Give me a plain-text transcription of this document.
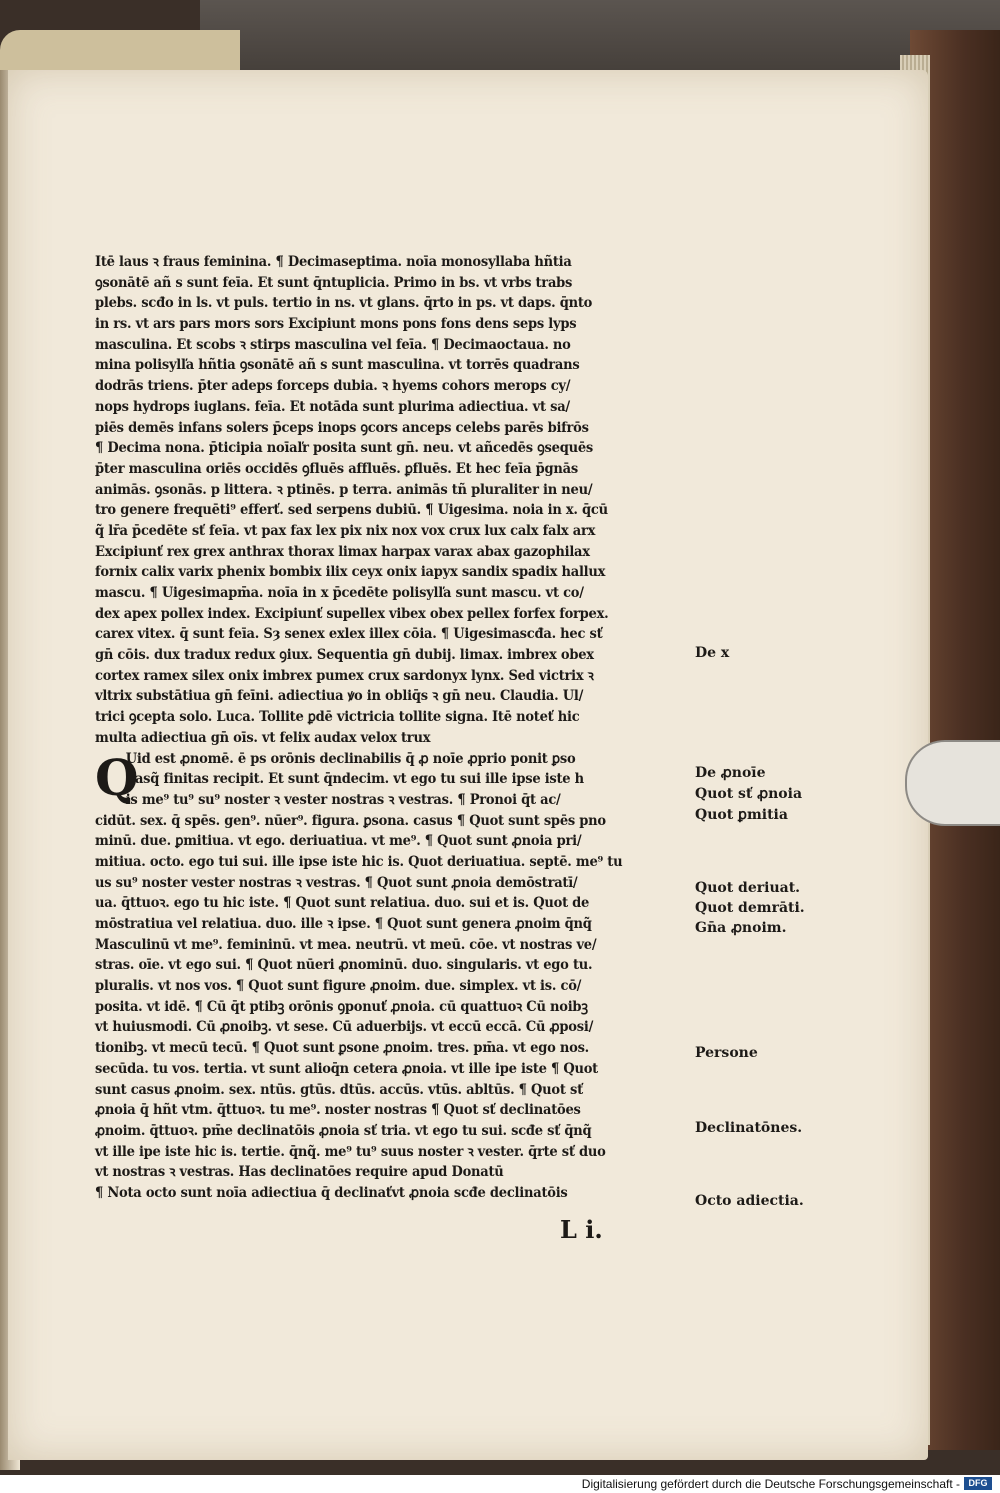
Itē laus ꝛ fraus feminina. ¶ Decimaseptima. noīa monosyllaba hñtia
ꝯsonātē añ s sunt feīa. Et sunt q̄ntuplicia. Primo in bs. vt vrbs trabs
plebs. scđo in ls. vt puls. tertio in ns. vt glans. q̄rto in ps. vt daps. q̄nto
in rs. vt ars pars mors sors Excipiunt mons pons fons dens seps lyps
masculina. Et scobs ꝛ stirps masculina vel feīa. ¶ Decimaoctaua. no
mina polisylľa hñtia ꝯsonātē añ s sunt masculina. vt torrēs quadrans
dodrās triens. p̄ter adeps forceps dubia. ꝛ hyems cohors merops cy/
nops hydrops iuglans. feīa. Et notāda sunt plurima adiectiua. vt sa/
piēs demēs infans solers p̄ceps inops ꝯcors anceps celebs parēs bifrōs
¶ Decima nona. p̄ticipia noīaľr posita sunt gn̄. neu. vt añcedēs ꝯsequēs
p̄ter masculina oriēs occidēs ꝯfluēs affluēs. ꝑfluēs. Et hec feīa p̄gnās
animās. ꝯsonās. p littera. ꝛ ptinēs. p terra. animās tñ pluraliter in neu/
tro genere frequēti⁹ efferť. sed serpens dubiū. ¶ Uigesima. noia in x. q̄cū
q̃ lr̄a p̄cedēte sť feīa. vt pax fax lex pix nix nox vox crux lux calx falx arx
Excipiunť rex grex anthrax thorax limax harpax varax abax gazophilax
fornix calix varix phenix bombix ilix ceyx onix iapyx sandix spadix hallux
mascu. ¶ Uigesimapm̄a. noīa in x p̄cedēte polisylľa sunt mascu. vt co/
dex apex pollex index. Excipiunť supellex vibex obex pellex forfex forpex.
carex vitex. q̄ sunt feīa. Sȝ senex exlex illex cōia. ¶ Uigesimascđa. hec sť
gn̄ cōis. dux tradux redux ꝯiux. Sequentia gn̄ dubij. limax. imbrex obex
cortex ramex silex onix imbrex pumex crux sardonyx lynx. Sed victrix ꝛ
vltrix substātiua gn̄ feīni. adiectiua ꝟo in obliq̄s ꝛ gn̄ neu. Claudia. Ul/
trici ꝯcepta solo. Luca. Tollite ꝑdē victricia tollite signa. Itē noteť hic
multa adiectiua gn̄ oīs. vt felix audax velox trux
Uid est ꝓnomē. ē ps orōnis declinabilis q̄ ꝓ noīe ꝓprio ponit ꝑso
nasq̃ finitas recipit. Et sunt q̄ndecim. vt ego tu sui ille ipse iste h
is me⁹ tu⁹ su⁹ noster ꝛ vester nostras ꝛ vestras. ¶ Pronoi q̄t ac/
cidūt. sex. q̄ spēs. gen⁹. nūer⁹. figura. ꝑsona. casus ¶ Quot sunt spēs pno
minū. due. ꝑmitiua. vt ego. deriuatiua. vt me⁹. ¶ Quot sunt ꝓnoia pri/
mitiua. octo. ego tui sui. ille ipse iste hic is. Quot deriuatiua. septē. me⁹ tu
us su⁹ noster vester nostras ꝛ vestras. ¶ Quot sunt ꝓnoia demōstratī/
ua. q̄ttuoꝛ. ego tu hic iste. ¶ Quot sunt relatiua. duo. sui et is. Quot de
mōstratiua vel relatiua. duo. ille ꝛ ipse. ¶ Quot sunt genera ꝓnoim q̄nq̃
Masculinū vt me⁹. femininū. vt mea. neutrū. vt meū. cōe. vt nostras ve/
stras. oīe. vt ego sui. ¶ Quot nūeri ꝓnominū. duo. singularis. vt ego tu.
pluralis. vt nos vos. ¶ Quot sunt figure ꝓnoim. due. simplex. vt is. cō/
posita. vt idē. ¶ Cū q̄t ptibꝫ orōnis ꝯponuť ꝓnoia. cū quattuoꝛ Cū noibꝫ
vt huiusmodi. Cū ꝓnoibꝫ. vt sese. Cū aduerbijs. vt eccū eccā. Cū ꝓposi/
tionibꝫ. vt mecū tecū. ¶ Quot sunt ꝑsone ꝓnoim. tres. pm̄a. vt ego nos.
secūda. tu vos. tertia. vt sunt alioq̄n cetera ꝓnoia. vt ille ipe iste ¶ Quot
sunt casus ꝓnoim. sex. ntūs. gtūs. dtūs. accūs. vtūs. abltūs. ¶ Quot sť
ꝓnoia q̄ hñt vtm. q̄ttuoꝛ. tu me⁹. noster nostras ¶ Quot sť declinatōes
ꝓnoim. q̄ttuoꝛ. pm̄e declinatōis ꝓnoia sť tria. vt ego tu sui. scđe sť q̄nq̃
vt ille ipe iste hic is. tertie. q̄nq̃. me⁹ tu⁹ suus noster ꝛ vester. q̄rte sť duo
vt nostras ꝛ vestras. Has declinatōes require apud Donatū
¶ Nota octo sunt noīa adiectiua q̄ declinaťvt ꝓnoia scđe declinatōis
Q
De x
De ꝓnoīe
Quot sť ꝓnoia
Quot ꝑmitia
Quot deriuat.
Quot demrāti.
Gn̄a ꝓnoim.
Persone
Declinatōnes.
Octo adiectia.
L i.
Digitalisierung gefördert durch die Deutsche Forschungsgemeinschaft - DFG
